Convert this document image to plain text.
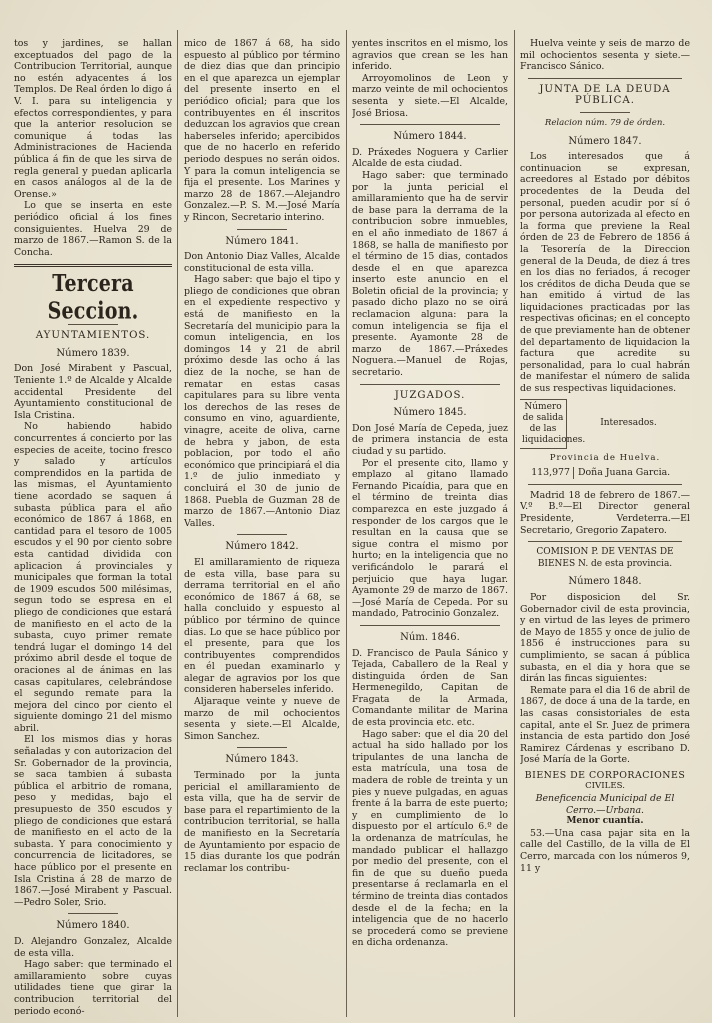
tos y jardines, se hallan exceptuados del pago de la Contribucion Territorial, aunque no estén adyacentes á los Templos. De Real órden lo digo á V. I. para su inteligencia y efectos correspondientes, y para que la anterior resolucion se comunique á todas las Administraciones de Hacienda pública á fin de que les sirva de regla general y puedan aplicarla en casos análogos al de la de Orense.»

Lo que se inserta en este periódico oficial á los fines consiguientes. Huelva 29 de marzo de 1867.—Ramon S. de la Concha.

Tercera Seccion.
AYUNTAMIENTOS.
Número 1839.

Don José Mirabent y Pascual, Teniente 1.º de Alcalde y Alcalde accidental Presidente del Ayuntamiento constitucional de Isla Cristina.

No habiendo habido concurrentes á concierto por las especies de aceite, tocino fresco y salado y artículos comprendidos en la partida de las mismas, el Ayuntamiento tiene acordado se saquen á subasta pública para el año económico de 1867 á 1868, en cantidad para el tesoro de 1005 escudos y el 90 por ciento sobre esta cantidad dividida con aplicacion á provinciales y municipales que forman la total de 1909 escudos 500 milésimas, segun todo se espresa en el pliego de condiciones que estará de manifiesto en el acto de la subasta, cuyo primer remate tendrá lugar el domingo 14 del próximo abril desde el toque de oraciones al de ánimas en las casas capitulares, celebrándose el segundo remate para la mejora del cinco por ciento el siguiente domingo 21 del mismo abril.

El los mismos dias y horas señaladas y con autorizacion del Sr. Gobernador de la provincia, se saca tambien á subasta pública el arbitrio de romana, peso y medidas, bajo el presupuesto de 350 escudos y pliego de condiciones que estará de manifiesto en el acto de la subasta. Y para conocimiento y concurrencia de licitadores, se hace público por el presente en Isla Cristina á 28 de marzo de 1867.—José Mirabent y Pascual.—Pedro Soler, Srio.

Número 1840.

D. Alejandro Gonzalez, Alcalde de esta villa.

Hago saber: que terminado el amillaramiento sobre cuyas utilidades tiene que girar la contribucion territorial del periodo econó-

mico de 1867 á 68, ha sido espuesto al público por término de diez dias que dan principio en el que aparezca un ejemplar del presente inserto en el periódico oficial; para que los contribuyentes en él inscritos deduzcan los agravios que crean haberseles inferido; apercibidos que de no hacerlo en referido periodo despues no serán oidos. Y para la comun inteligencia se fija el presente. Los Marines y marzo 28 de 1867.—Alejandro Gonzalez.—P. S. M.—José María y Rincon, Secretario interino.

Número 1841.

Don Antonio Diaz Valles, Alcalde constitucional de esta villa.

Hago saber: que bajo el tipo y pliego de condiciones que obran en el expediente respectivo y está de manifiesto en la Secretaría del municipio para la comun inteligencia, en los domingos 14 y 21 de abril próximo desde las ocho á las diez de la noche, se han de rematar en estas casas capitulares para su libre venta los derechos de las reses de consumo en vino, aguardiente, vinagre, aceite de oliva, carne de hebra y jabon, de esta poblacion, por todo el año económico que principiará el dia 1.º de julio inmediato y concluirá el 30 de junio de 1868. Puebla de Guzman 28 de marzo de 1867.—Antonio Diaz Valles.

Número 1842.

El amillaramiento de riqueza de esta villa, base para su derrama territorial en el año económico de 1867 á 68, se halla concluido y espuesto al público por término de quince dias. Lo que se hace público por el presente, para que los contribuyentes comprendidos en él puedan examinarlo y alegar de agravios por los que consideren haberseles inferido.

Aljaraque veinte y nueve de marzo de mil ochocientos sesenta y siete.—El Alcalde, Simon Sanchez.

Número 1843.

Terminado por la junta pericial el amillaramiento de esta villa, que ha de servir de base para el repartimiento de la contribucion territorial, se halla de manifiesto en la Secretaría de Ayuntamiento por espacio de 15 dias durante los que podrán reclamar los contribu-

yentes inscritos en el mismo, los agravios que crean se les han inferido.

Arroyomolinos de Leon y marzo veinte de mil ochocientos sesenta y siete.—El Alcalde, José Briosa.

Número 1844.

D. Práxedes Noguera y Carlier Alcalde de esta ciudad.

Hago saber: que terminado por la junta pericial el amillaramiento que ha de servir de base para la derrama de la contribucion sobre inmuebles, en el año inmediato de 1867 á 1868, se halla de manifiesto por el término de 15 dias, contados desde el en que aparezca inserto este anuncio en el Boletin oficial de la provincia; y pasado dicho plazo no se oirá reclamacion alguna: para la comun inteligencia se fija el presente. Ayamonte 28 de marzo de 1867.—Práxedes Noguera.—Manuel de Rojas, secretario.

JUZGADOS.
Número 1845.

Don José María de Cepeda, juez de primera instancia de esta ciudad y su partido.

Por el presente cito, llamo y emplazo al gitano llamado Fernando Picaídia, para que en el término de treinta dias comparezca en este juzgado á responder de los cargos que le resultan en la causa que se sigue contra el mismo por hurto; en la inteligencia que no verificándolo le parará el perjuicio que haya lugar. Ayamonte 29 de marzo de 1867.—José María de Cepeda. Por su mandado, Patrocinio Gonzalez.

Núm. 1846.

D. Francisco de Paula Sánico y Tejada, Caballero de la Real y distinguida órden de San Hermenegildo, Capitan de Fragata de la Armada, Comandante militar de Marina de esta provincia etc. etc.

Hago saber: que el dia 20 del actual ha sido hallado por los tripulantes de una lancha de esta matrícula, una tosa de madera de roble de treinta y un pies y nueve pulgadas, en aguas frente á la barra de este puerto; y en cumplimiento de lo dispuesto por el artículo 6.º de la ordenanza de matrículas, he mandado publicar el hallazgo por medio del presente, con el fin de que su dueño pueda presentarse á reclamarla en el término de treinta dias contados desde el de la fecha; en la inteligencia que de no hacerlo se procederá como se previene en dicha ordenanza.

Huelva veinte y seis de marzo de mil ochocientos sesenta y siete.—Francisco Sánico.

JUNTA DE LA DEUDA PÚBLICA.
Relacion núm. 79 de órden.
Número 1847.

Los interesados que á continuacion se expresan, acreedores al Estado por débitos procedentes de la Deuda del personal, pueden acudir por sí ó por persona autorizada al efecto en la forma que previene la Real órden de 23 de Febrero de 1856 á la Tesorería de la Direccion general de la Deuda, de diez á tres en los dias no feriados, á recoger los créditos de dicha Deuda que se han emitido á virtud de las liquidaciones practicadas por las respectivas oficinas; en el concepto de que previamente han de obtener del departamento de liquidacion la factura que acredite su personalidad, para lo cual habrán de manifestar el número de salida de sus respectivas liquidaciones.

Número de salida de las liquidaciones.
Interesados.
Provincia de Huelva.
113,977 Doña Juana Garcia.

Madrid 18 de febrero de 1867.—V.º B.º—El Director general Presidente, Verdeterra.—El Secretario, Gregorio Zapatero.

COMISION P. DE VENTAS DE BIENES N. de esta provincia.
Número 1848.

Por disposicion del Sr. Gobernador civil de esta provincia, y en virtud de las leyes de primero de Mayo de 1855 y once de julio de 1856 é instrucciones para su cumplimiento, se sacan á pública subasta, en el dia y hora que se dirán las fincas siguientes:

Remate para el dia 16 de abril de 1867, de doce á una de la tarde, en las casas consistoriales de esta capital, ante el Sr. Juez de primera instancia de esta partido don José Ramirez Cárdenas y escribano D. José María de la Gorte.

BIENES DE CORPORACIONES
CIVILES.
Beneficencia Municipal de El Cerro.—Urbana.
Menor cuantía.

53.—Una casa pajar sita en la calle del Castillo, de la villa de El Cerro, marcada con los números 9, 11 y
